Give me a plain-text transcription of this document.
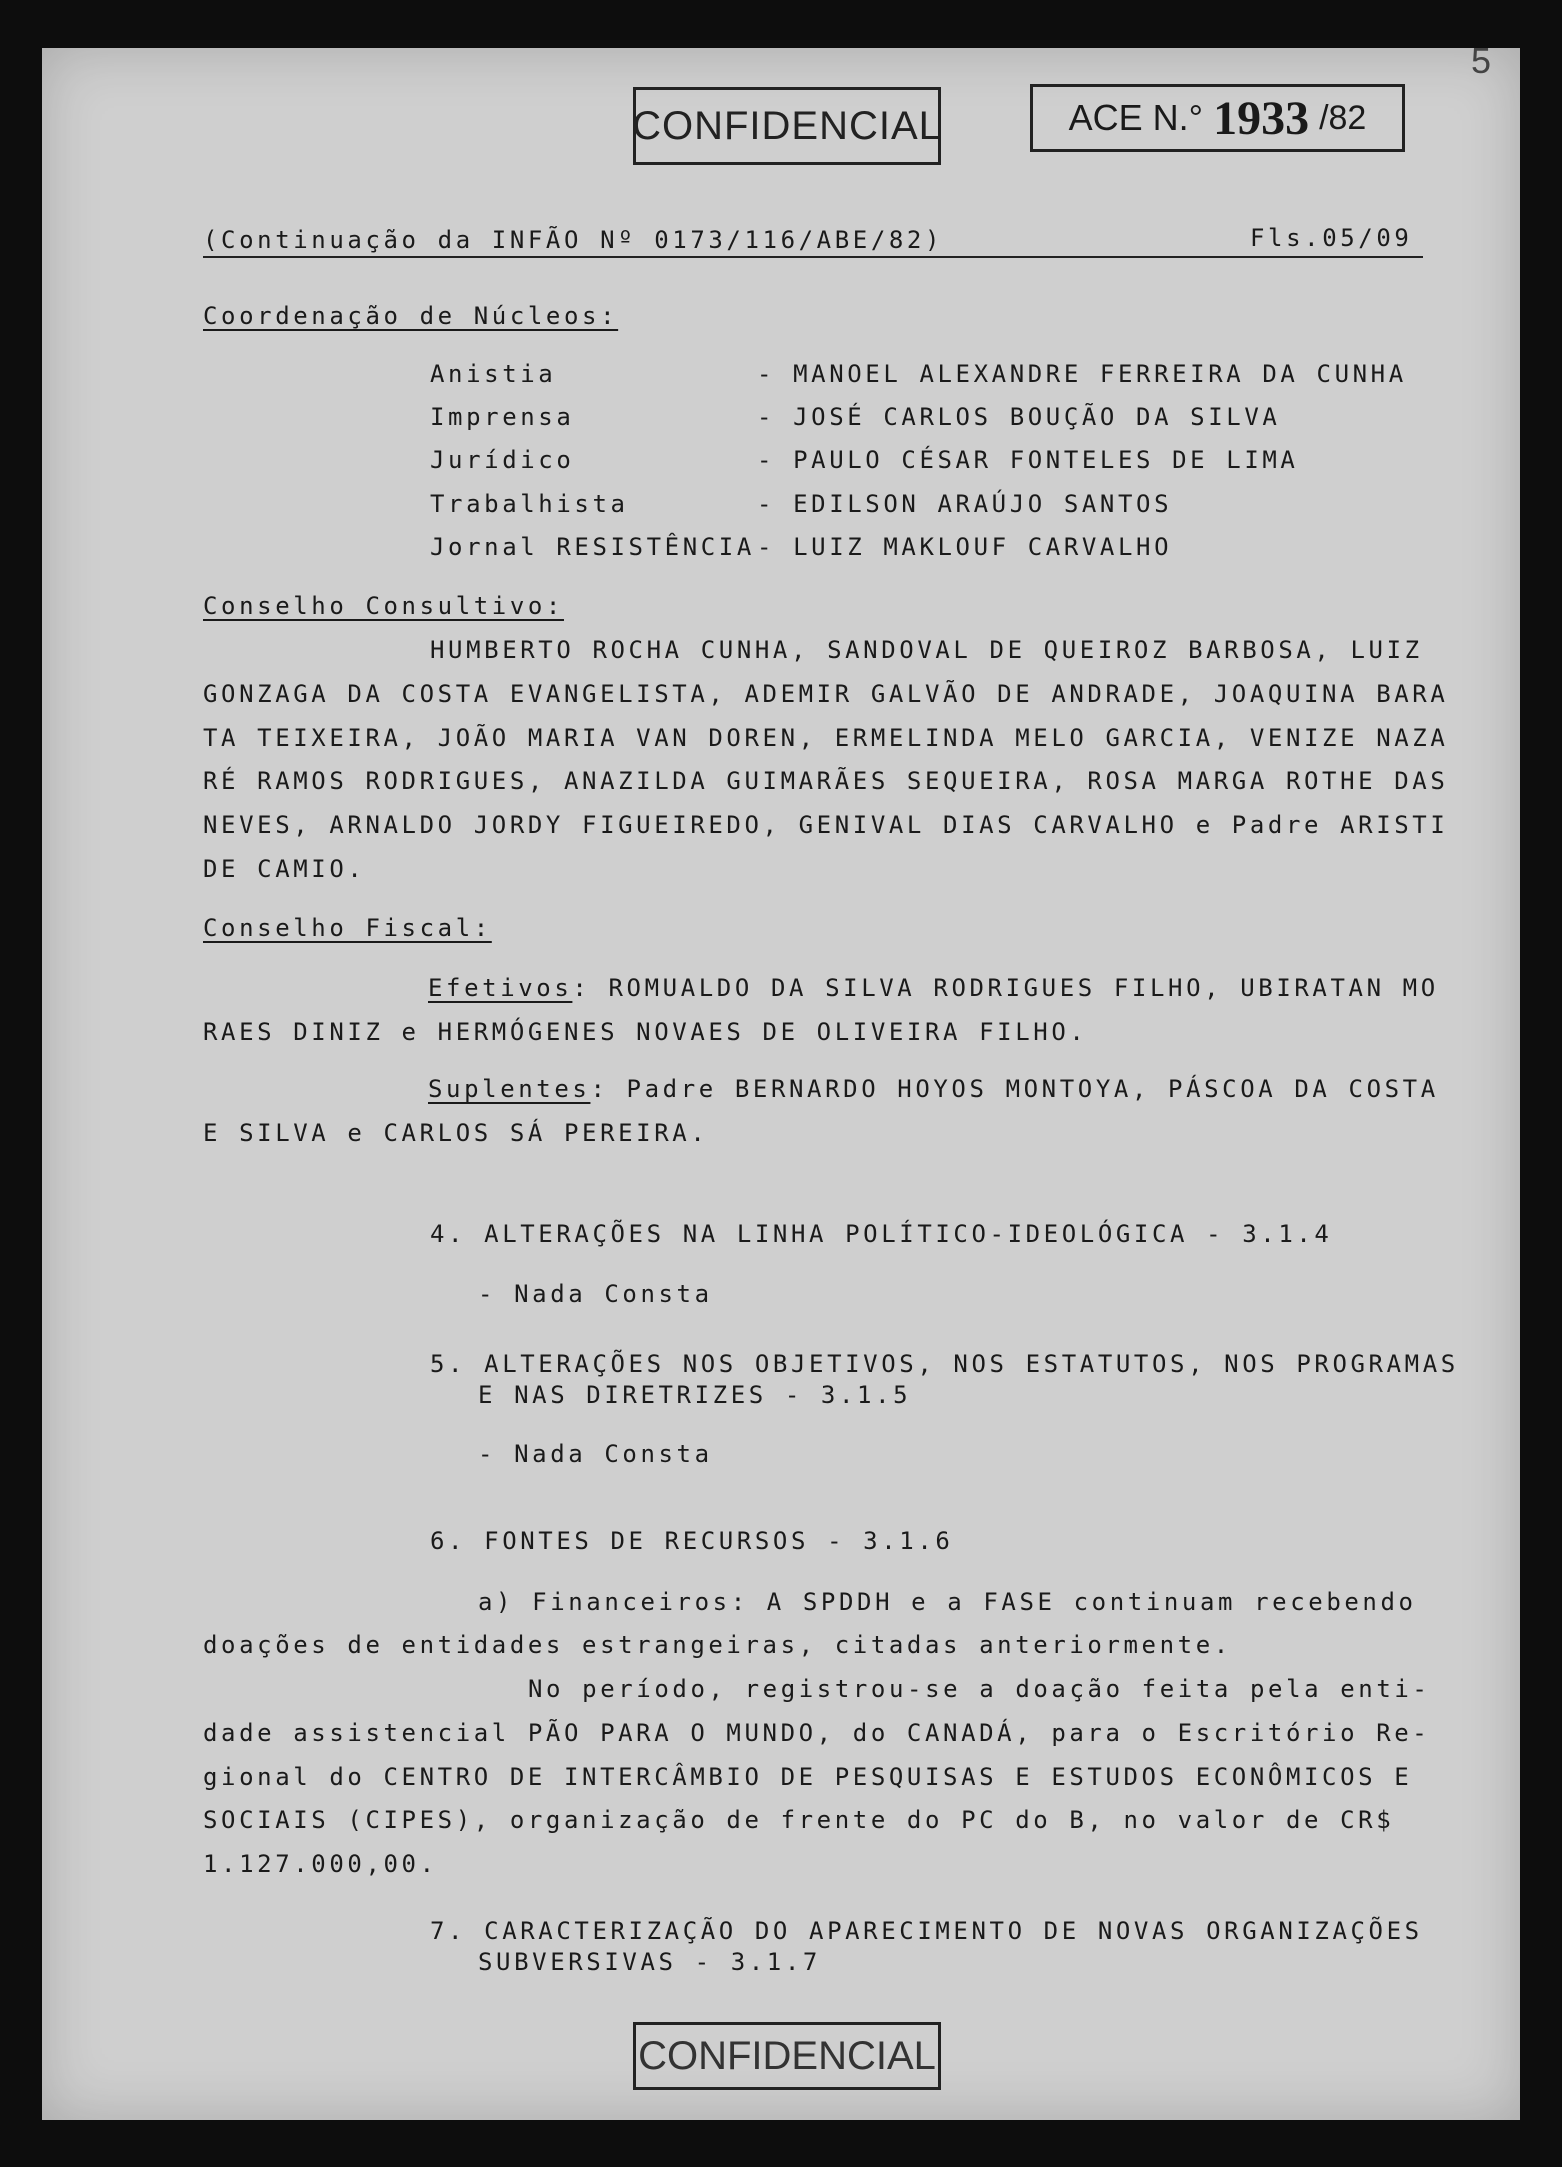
5
CONFIDENCIAL	ACE N.° 1933 /82
(Continuação da INFÃO Nº 0173/116/ABE/82)	Fls.05/09
Coordenação de Núcleos:
Anistia	- MANOEL ALEXANDRE FERREIRA DA CUNHA
Imprensa	- JOSÉ CARLOS BOUÇÃO DA SILVA
Jurídico	- PAULO CÉSAR FONTELES DE LIMA
Trabalhista	- EDILSON ARAÚJO SANTOS
Jornal RESISTÊNCIA - LUIZ MAKLOUF CARVALHO
Conselho Consultivo:
HUMBERTO ROCHA CUNHA, SANDOVAL DE QUEIROZ BARBOSA, LUIZ
GONZAGA DA COSTA EVANGELISTA, ADEMIR GALVÃO DE ANDRADE, JOAQUINA BARA
TA TEIXEIRA, JOÃO MARIA VAN DOREN, ERMELINDA MELO GARCIA, VENIZE NAZA
RÉ RAMOS RODRIGUES, ANAZILDA GUIMARÃES SEQUEIRA, ROSA MARGA ROTHE DAS
NEVES, ARNALDO JORDY FIGUEIREDO, GENIVAL DIAS CARVALHO e Padre ARISTI
DE CAMIO.
Conselho Fiscal:
Efetivos: ROMUALDO DA SILVA RODRIGUES FILHO, UBIRATAN MO
RAES DINIZ e HERMÓGENES NOVAES DE OLIVEIRA FILHO.
Suplentes: Padre BERNARDO HOYOS MONTOYA, PÁSCOA DA COSTA
E SILVA e CARLOS SÁ PEREIRA.
4. ALTERAÇÕES NA LINHA POLÍTICO-IDEOLÓGICA - 3.1.4
- Nada Consta
5. ALTERAÇÕES NOS OBJETIVOS, NOS ESTATUTOS, NOS PROGRAMAS
E NAS DIRETRIZES - 3.1.5
- Nada Consta
6. FONTES DE RECURSOS - 3.1.6
a) Financeiros: A SPDDH e a FASE continuam recebendo
doações de entidades estrangeiras, citadas anteriormente.
No período, registrou-se a doação feita pela enti-
dade assistencial PÃO PARA O MUNDO, do CANADÁ, para o Escritório Re-
gional do CENTRO DE INTERCÂMBIO DE PESQUISAS E ESTUDOS ECONÔMICOS E
SOCIAIS (CIPES), organização de frente do PC do B, no valor de CR$
1.127.000,00.
7. CARACTERIZAÇÃO DO APARECIMENTO DE NOVAS ORGANIZAÇÕES
SUBVERSIVAS - 3.1.7
CONFIDENCIAL
